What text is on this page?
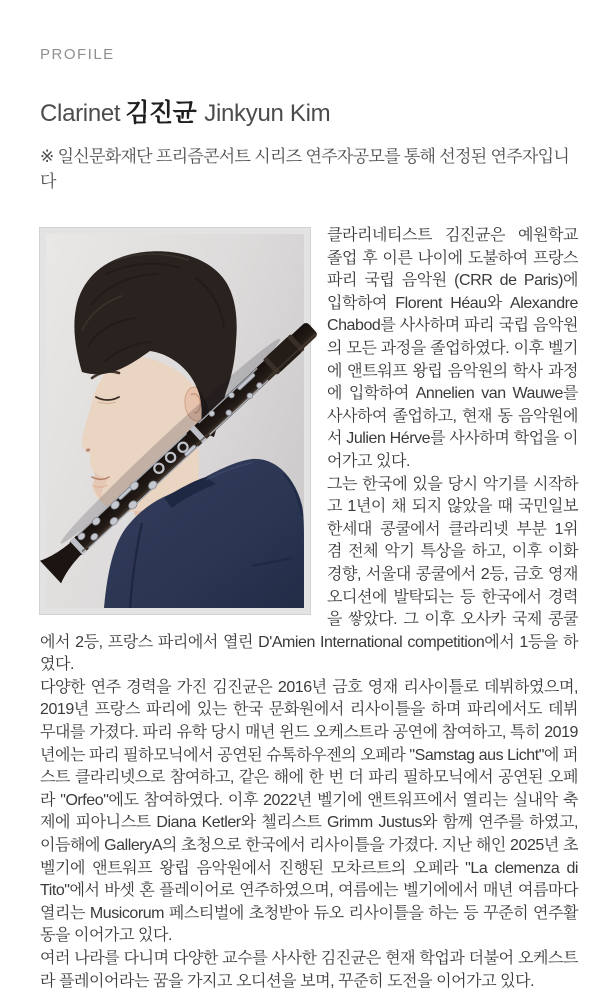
PROFILE
Clarinet 김진균 Jinkyun Kim
※ 일신문화재단 프리즘콘서트 시리즈 연주자공모를 통해 선정된 연주자입니다

클라리네티스트 김진균은 예원학교 졸업 후 이른 나이에 도불하여 프랑스 파리 국립 음악원 (CRR de Paris)에 입학하여 Florent Héau와 Alexandre Chabod를 사사하며 파리 국립 음악원의 모든 과정을 졸업하였다. 이후 벨기에 앤트워프 왕립 음악원의 학사 과정에 입학하여 Annelien van Wauwe를 사사하여 졸업하고, 현재 동 음악원에서 Julien Hérve를 사사하며 학업을 이어가고 있다.

그는 한국에 있을 당시 악기를 시작하고 1년이 채 되지 않았을 때 국민일보 한세대 콩쿨에서 클라리넷 부분 1위 겸 전체 악기 특상을 하고, 이후 이화 경향, 서울대 콩쿨에서 2등, 금호 영재 오디션에 발탁되는 등 한국에서 경력을 쌓았다. 그 이후 오사카 국제 콩쿨에서 2등, 프랑스 파리에서 열린 D'Amien International competition에서 1등을 하였다.

다양한 연주 경력을 가진 김진균은 2016년 금호 영재 리사이틀로 데뷔하였으며, 2019년 프랑스 파리에 있는 한국 문화원에서 리사이틀을 하며 파리에서도 데뷔 무대를 가졌다. 파리 유학 당시 매년 윈드 오케스트라 공연에 참여하고, 특히 2019년에는 파리 필하모닉에서 공연된 슈톡하우젠의 오페라 "Samstag aus Licht"에 퍼스트 클라리넷으로 참여하고, 같은 해에 한 번 더 파리 필하모닉에서 공연된 오페라 "Orfeo"에도 참여하였다. 이후 2022년 벨기에 앤트워프에서 열리는 실내악 축제에 피아니스트 Diana Ketler와 첼리스트 Grimm Justus와 함께 연주를 하였고, 이듬해에 GalleryA의 초청으로 한국에서 리사이틀을 가졌다. 지난 해인 2025년 초 벨기에 앤트워프 왕립 음악원에서 진행된 모차르트의 오페라 "La clemenza di Tito"에서 바셋 혼 플레이어로 연주하였으며, 여름에는 벨기에에서 매년 여름마다 열리는 Musicorum 페스티벌에 초청받아 듀오 리사이틀을 하는 등 꾸준히 연주활동을 이어가고 있다.

여러 나라를 다니며 다양한 교수를 사사한 김진균은 현재 학업과 더불어 오케스트라 플레이어라는 꿈을 가지고 오디션을 보며, 꾸준히 도전을 이어가고 있다.
